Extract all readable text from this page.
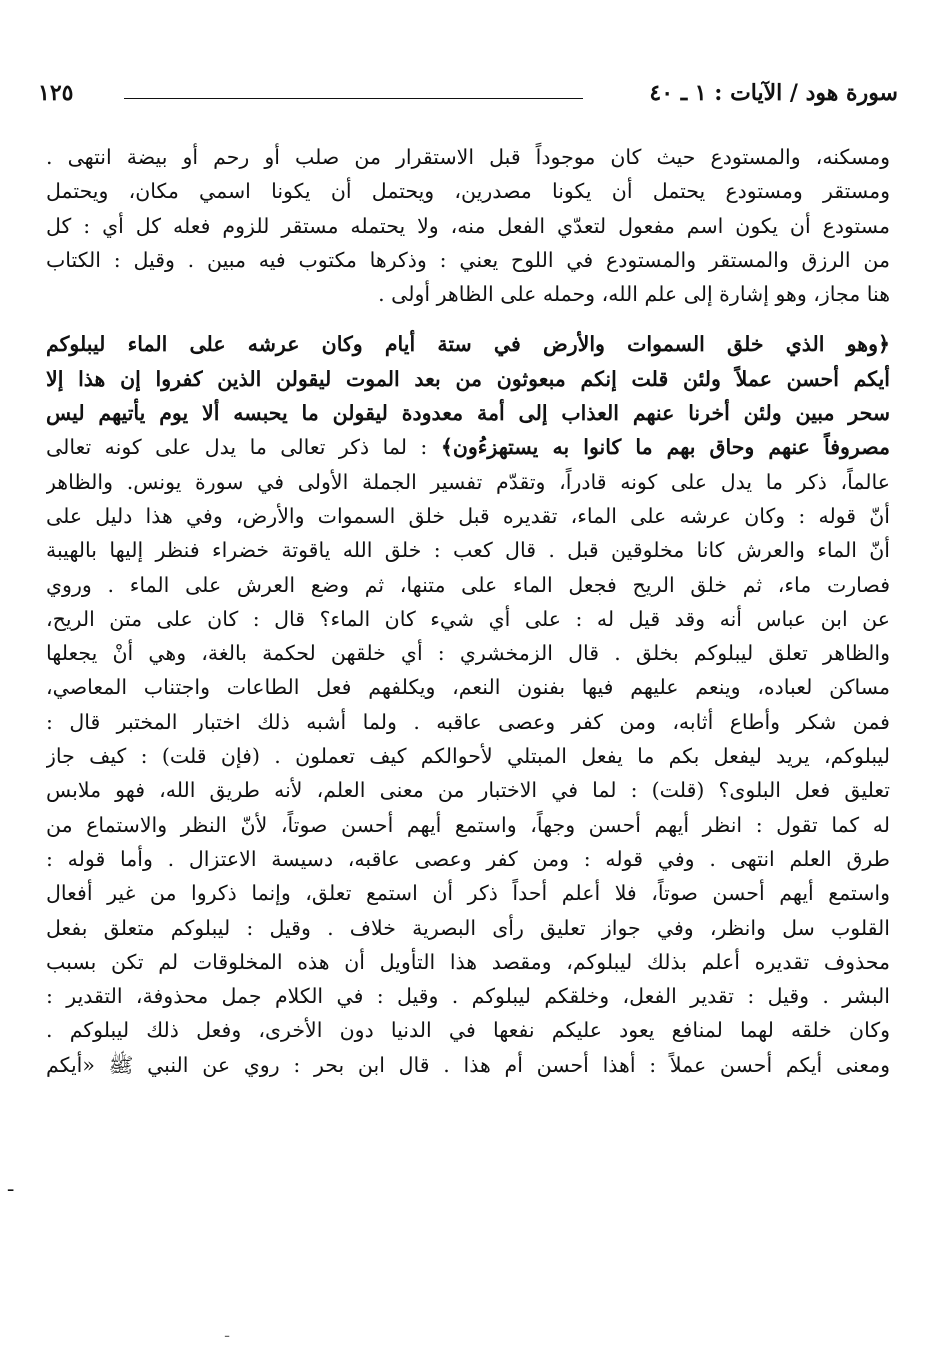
سورة هود / الآيات : ١ ـ ٤٠
١٢٥
ومسكنه، والمستودع حيث كان موجوداً قبل الاستقرار من صلب أو رحم أو بيضة انتهى .
ومستقر ومستودع يحتمل أن يكونا مصدرين، ويحتمل أن يكونا اسمي مكان، ويحتمل
مستودع أن يكون اسم مفعول لتعدّي الفعل منه، ولا يحتمله مستقر للزوم فعله كل أي : كل
من الرزق والمستقر والمستودع في اللوح يعني : وذكرها مكتوب فيه مبين . وقيل : الكتاب
هنا مجاز، وهو إشارة إلى علم الله، وحمله على الظاهر أولى .
﴿وهو الذي خلق السموات والأرض في ستة أيام وكان عرشه على الماء ليبلوكم
أيكم أحسن عملاً ولئن قلت إنكم مبعوثون من بعد الموت ليقولن الذين كفروا إن هذا إلا
سحر مبين ولئن أخرنا عنهم العذاب إلى أمة معدودة ليقولن ما يحبسه ألا يوم يأتيهم ليس
مصروفاً عنهم وحاق بهم ما كانوا به يستهزءُون﴾ : لما ذكر تعالى ما يدل على كونه تعالى
عالماً، ذكر ما يدل على كونه قادراً، وتقدّم تفسير الجملة الأولى في سورة يونس. والظاهر
أنّ قوله : وكان عرشه على الماء، تقديره قبل خلق السموات والأرض، وفي هذا دليل على
أنّ الماء والعرش كانا مخلوقين قبل . قال كعب : خلق الله ياقوتة خضراء فنظر إليها بالهيبة
فصارت ماء، ثم خلق الريح فجعل الماء على متنها، ثم وضع العرش على الماء . وروي
عن ابن عباس أنه وقد قيل له : على أي شيء كان الماء؟ قال : كان على متن الريح،
والظاهر تعلق ليبلوكم بخلق . قال الزمخشري : أي خلقهن لحكمة بالغة، وهي أنْ يجعلها
مساكن لعباده، وينعم عليهم فيها بفنون النعم، ويكلفهم فعل الطاعات واجتناب المعاصي،
فمن شكر وأطاع أثابه، ومن كفر وعصى عاقبه . ولما أشبه ذلك اختبار المختبر قال :
ليبلوكم، يريد ليفعل بكم ما يفعل المبتلي لأحوالكم كيف تعملون . (فإن قلت) : كيف جاز
تعليق فعل البلوى؟ (قلت) : لما في الاختبار من معنى العلم، لأنه طريق الله، فهو ملابس
له كما تقول : انظر أيهم أحسن وجهاً، واستمع أيهم أحسن صوتاً، لأنّ النظر والاستماع من
طرق العلم انتهى . وفي قوله : ومن كفر وعصى عاقبه، دسيسة الاعتزال . وأما قوله :
واستمع أيهم أحسن صوتاً، فلا أعلم أحداً ذكر أن استمع تعلق، وإنما ذكروا من غير أفعال
القلوب سل وانظر، وفي جواز تعليق رأى البصرية خلاف . وقيل : ليبلوكم متعلق بفعل
محذوف تقديره أعلم بذلك ليبلوكم، ومقصد هذا التأويل أن هذه المخلوقات لم تكن بسبب
البشر . وقيل : تقدير الفعل، وخلقكم ليبلوكم . وقيل : في الكلام جمل محذوفة، التقدير :
وكان خلقه لهما لمنافع يعود عليكم نفعها في الدنيا دون الأخرى، وفعل ذلك ليبلوكم .
ومعنى أيكم أحسن عملاً : أهذا أحسن أم هذا . قال ابن بحر : روي عن النبي ﷺ «أيكم
ـ
ـ
